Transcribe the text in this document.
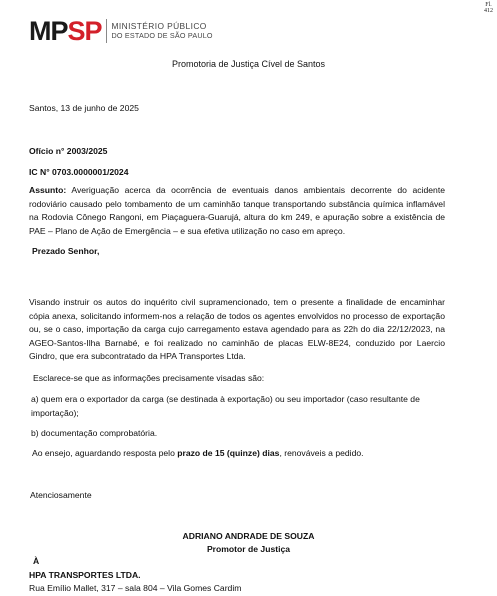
Fl.
412
MPSP MINISTÉRIO PÚBLICO
DO ESTADO DE SÃO PAULO
Promotoria de Justiça Cível de Santos
Santos, 13 de junho de 2025
Ofício n° 2003/2025
IC N° 0703.0000001/2024
Assunto: Averiguação acerca da ocorrência de eventuais danos ambientais decorrente do acidente rodoviário causado pelo tombamento de um caminhão tanque transportando substância química inflamável na Rodovia Cônego Rangoni, em Piaçaguera-Guarujá, altura do km 249, e apuração sobre a existência de PAE – Plano de Ação de Emergência – e sua efetiva utilização no caso em apreço.
Prezado Senhor,
Visando instruir os autos do inquérito civil supramencionado, tem o presente a finalidade de encaminhar cópia anexa, solicitando informem-nos a relação de todos os agentes envolvidos no processo de exportação ou, se o caso, importação da carga cujo carregamento estava agendado para as 22h do dia 22/12/2023, na AGEO-Santos-Ilha Barnabé, e foi realizado no caminhão de placas ELW-8E24, conduzido por Laercio Gindro, que era subcontratado da HPA Transportes Ltda.
Esclarece-se que as informações precisamente visadas são:
a) quem era o exportador da carga (se destinada à exportação) ou seu importador (caso resultante de importação);
b) documentação comprobatória.
Ao ensejo, aguardando resposta pelo prazo de 15 (quinze) dias, renováveis a pedido.
Atenciosamente
ADRIANO ANDRADE DE SOUZA
Promotor de Justiça
À
HPA TRANSPORTES LTDA.
Rua Emílio Mallet, 317 – sala 804 – Vila Gomes Cardim
